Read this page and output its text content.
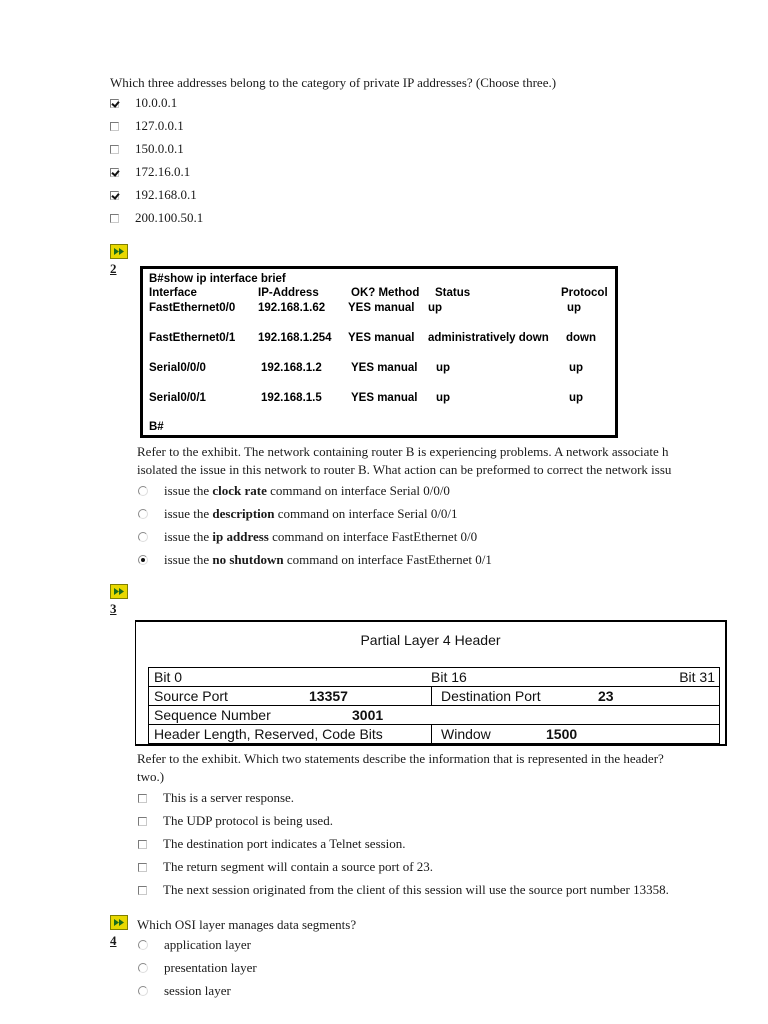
Which three addresses belong to the category of private IP addresses? (Choose three.)
10.0.0.1
127.0.0.1
150.0.0.1
172.16.0.1
192.168.0.1
200.100.50.1
2
B#show ip interface brief
Interface	IP-Address	OK? Method Status	Protocol
FastEthernet0/0 192.168.1.62 YES manual up	up
FastEthernet0/1 192.168.1.254 YES manual administratively down down
Serial0/0/0	192.168.1.2	YES manual up	up
Serial0/0/1	192.168.1.5	YES manual up	up
B#
Refer to the exhibit. The network containing router B is experiencing problems. A network associate h
isolated the issue in this network to router B. What action can be preformed to correct the network issu
issue the clock rate command on interface Serial 0/0/0
issue the description command on interface Serial 0/0/1
issue the ip address command on interface FastEthernet 0/0
issue the no shutdown command on interface FastEthernet 0/1
3
Partial Layer 4 Header
Bit 0	Bit 16	Bit 31
Source Port	13357	Destination Port	23
Sequence Number	3001
Header Length, Reserved, Code Bits	Window	1500
Refer to the exhibit. Which two statements describe the information that is represented in the header?
two.)
This is a server response.
The UDP protocol is being used.
The destination port indicates a Telnet session.
The return segment will contain a source port of 23.
The next session originated from the client of this session will use the source port number 13358.
Which OSI layer manages data segments?
4	application layer
presentation layer
session layer
